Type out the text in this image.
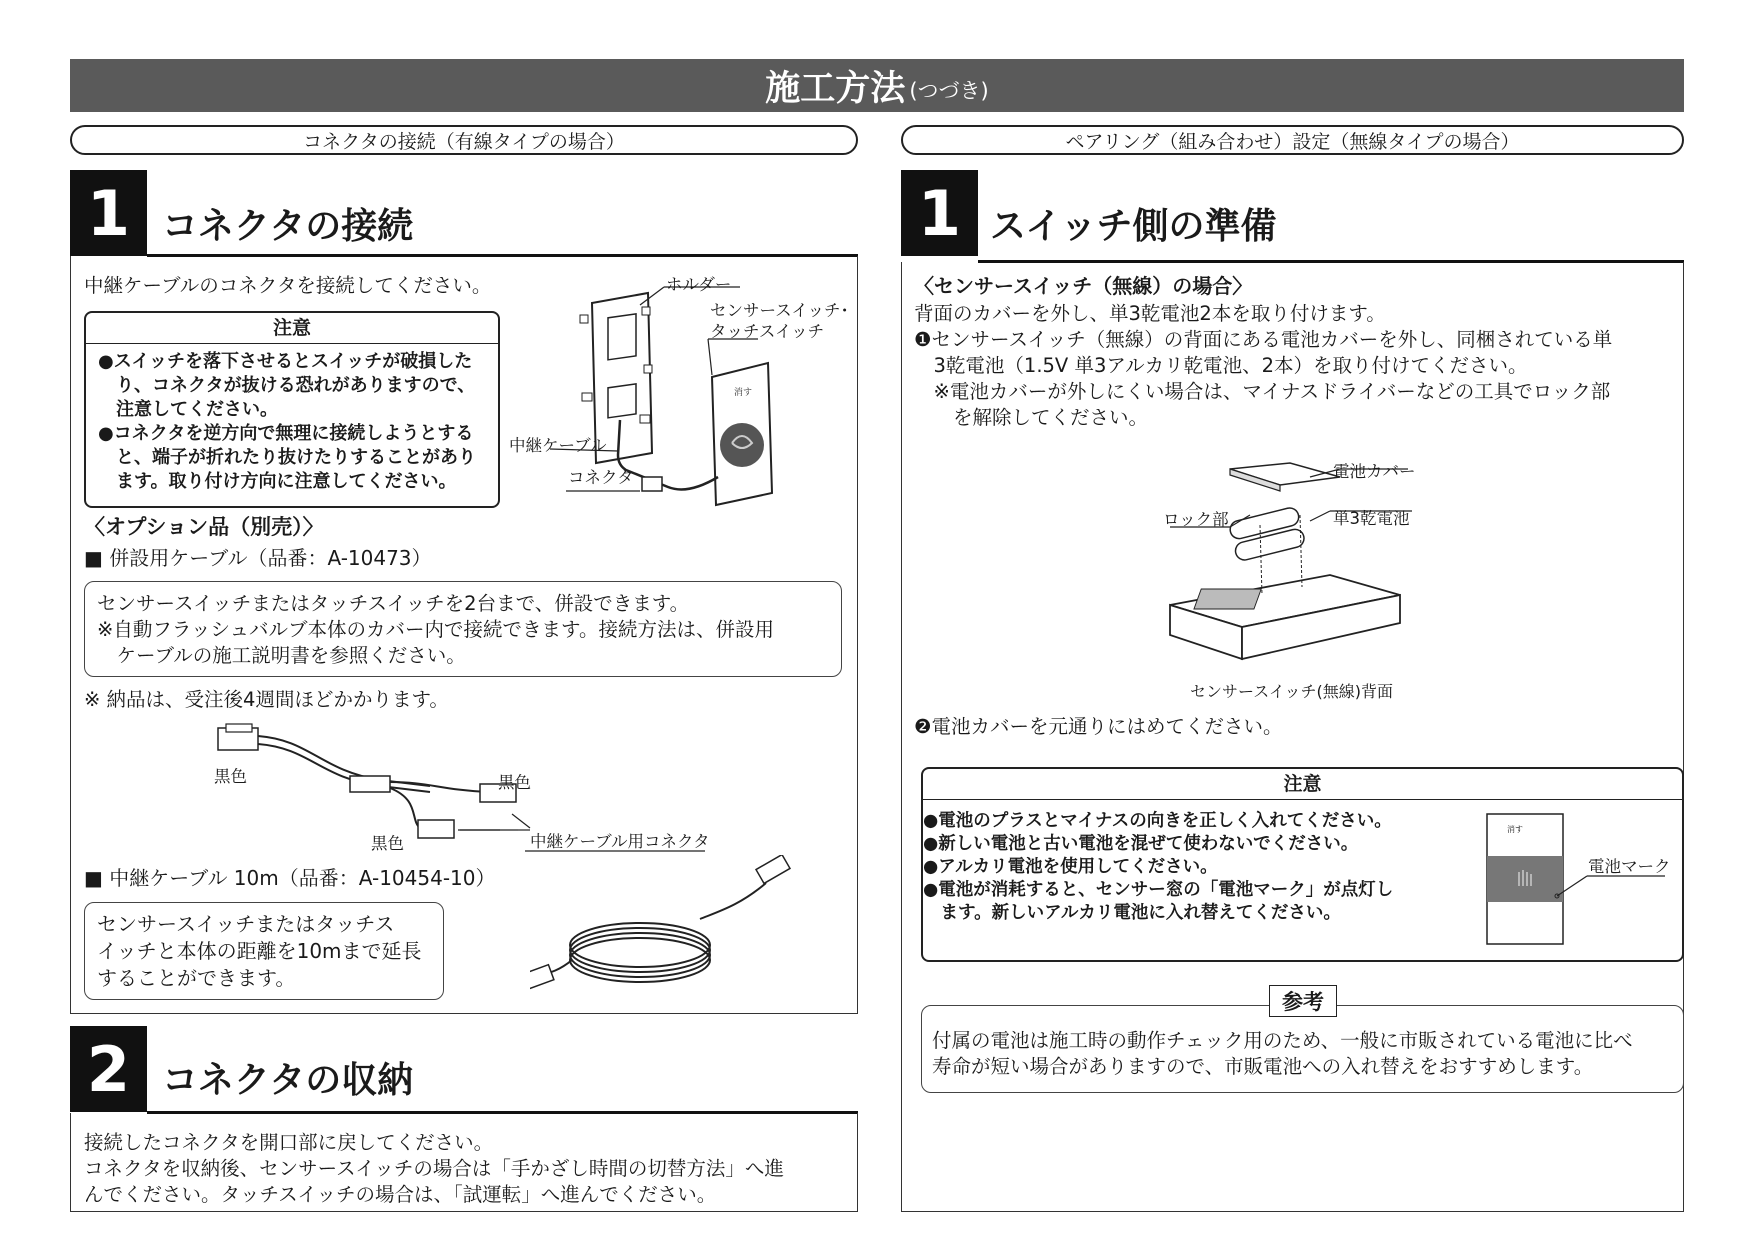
施工方法 (つづき)
コネクタの接続（有線タイプの場合）
1 コネクタの接続
中継ケーブルのコネクタを接続してください。
注意
●スイッチを落下させるとスイッチが破損した
　り、コネクタが抜ける恐れがありますので、
　注意してください。
●コネクタを逆方向で無理に接続しようとする
　と、端子が折れたり抜けたりすることがあり
　ます。取り付け方向に注意してください。
消す
ホルダー
センサースイッチ･
タッチスイッチ
中継ケーブル
コネクタ
〈オプション品（別売）〉
■ 併設用ケーブル（品番：A-10473）
センサースイッチまたはタッチスイッチを2台まで、併設できます。
※自動フラッシュバルブ本体のカバー内で接続できます。接続方法は、併設用
　ケーブルの施工説明書を参照ください。
※ 納品は、受注後4週間ほどかかります。
黒色	黒色
黒色	中継ケーブル用コネクタ
■ 中継ケーブル 10m（品番：A-10454-10）
センサースイッチまたはタッチス
イッチと本体の距離を10mまで延長
することができます。
2 コネクタの収納
接続したコネクタを開口部に戻してください。
コネクタを収納後、センサースイッチの場合は「手かざし時間の切替方法」へ進
んでください。タッチスイッチの場合は、「試運転」へ進んでください。
ペアリング（組み合わせ）設定（無線タイプの場合）
1 スイッチ側の準備
〈センサースイッチ（無線）の場合〉
背面のカバーを外し、単3乾電池2本を取り付けます。
❶センサースイッチ（無線）の背面にある電池カバーを外し、同梱されている単
　3乾電池（1.5V 単3アルカリ乾電池、2本）を取り付けてください。
　※電池カバーが外しにくい場合は、マイナスドライバーなどの工具でロック部
　　を解除してください。
電池カバー
ロック部	単3乾電池
センサースイッチ(無線)背面
❷電池カバーを元通りにはめてください。
注意
●電池のプラスとマイナスの向きを正しく入れてください。
●新しい電池と古い電池を混ぜて使わないでください。
●アルカリ電池を使用してください。
●電池が消耗すると、センサー窓の「電池マーク」が点灯し
　ます。新しいアルカリ電池に入れ替えてください。
消す
電池マーク
付属の電池は施工時の動作チェック用のため、一般に市販されている電池に比べ
寿命が短い場合がありますので、市販電池への入れ替えをおすすめします。
参考
